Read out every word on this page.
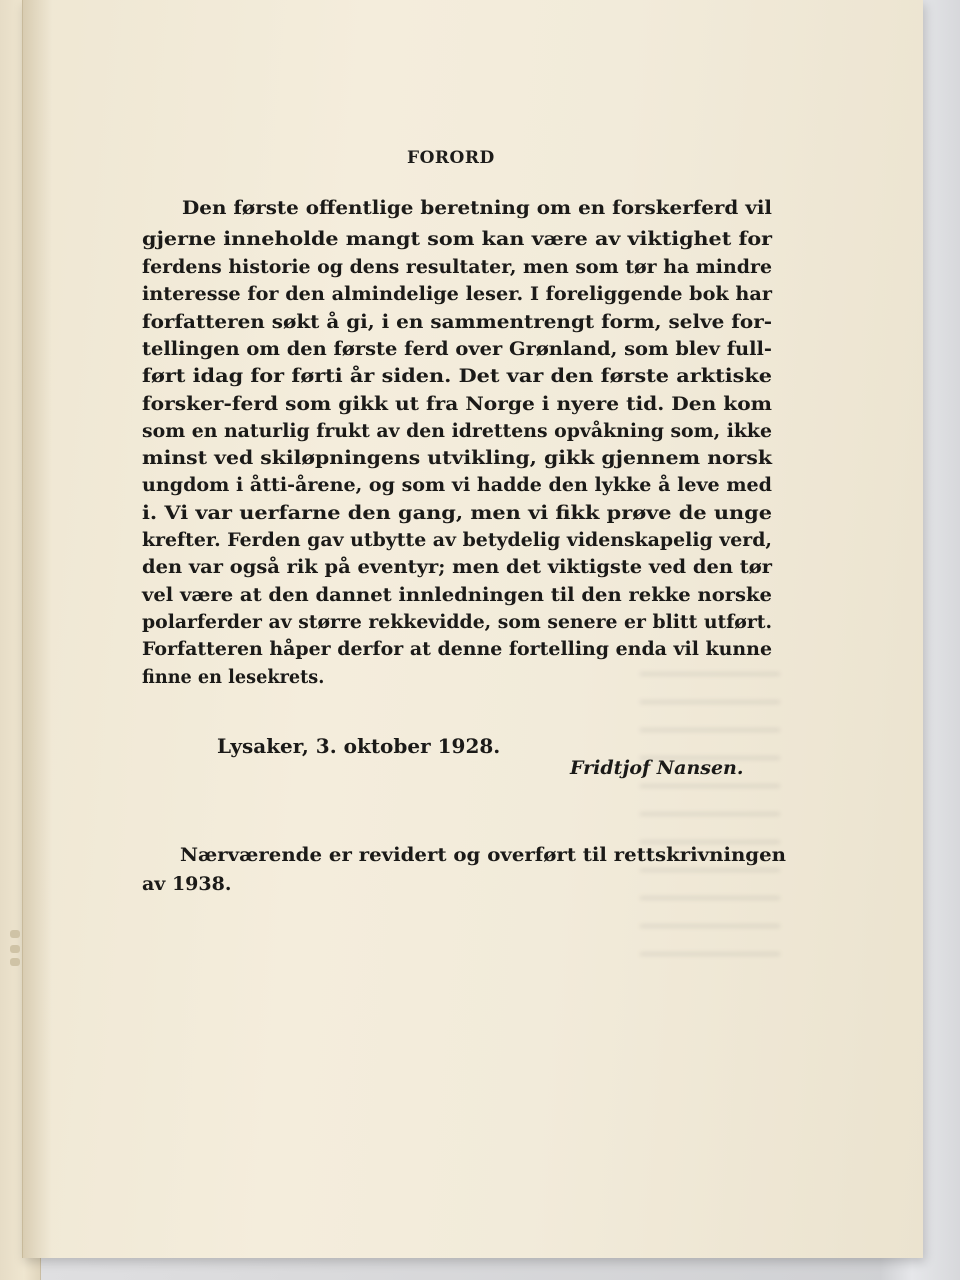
FORORD
Den første offentlige beretning om en forskerferd vil
gjerne inneholde mangt som kan være av viktighet for
ferdens historie og dens resultater, men som tør ha mindre
interesse for den almindelige leser. I foreliggende bok har
forfatteren søkt å gi, i en sammentrengt form, selve for-
tellingen om den første ferd over Grønland, som blev full-
ført idag for førti år siden. Det var den første arktiske
forsker-ferd som gikk ut fra Norge i nyere tid. Den kom
som en naturlig frukt av den idrettens opvåkning som, ikke
minst ved skiløpningens utvikling, gikk gjennem norsk
ungdom i åtti-årene, og som vi hadde den lykke å leve med
i. Vi var uerfarne den gang, men vi fikk prøve de unge
krefter. Ferden gav utbytte av betydelig videnskapelig verd,
den var også rik på eventyr; men det viktigste ved den tør
vel være at den dannet innledningen til den rekke norske
polarferder av større rekkevidde, som senere er blitt utført.
Forfatteren håper derfor at denne fortelling enda vil kunne
finne en lesekrets.
Lysaker, 3. oktober 1928.
Fridtjof Nansen.
Nærværende er revidert og overført til rettskrivningen
av 1938.
